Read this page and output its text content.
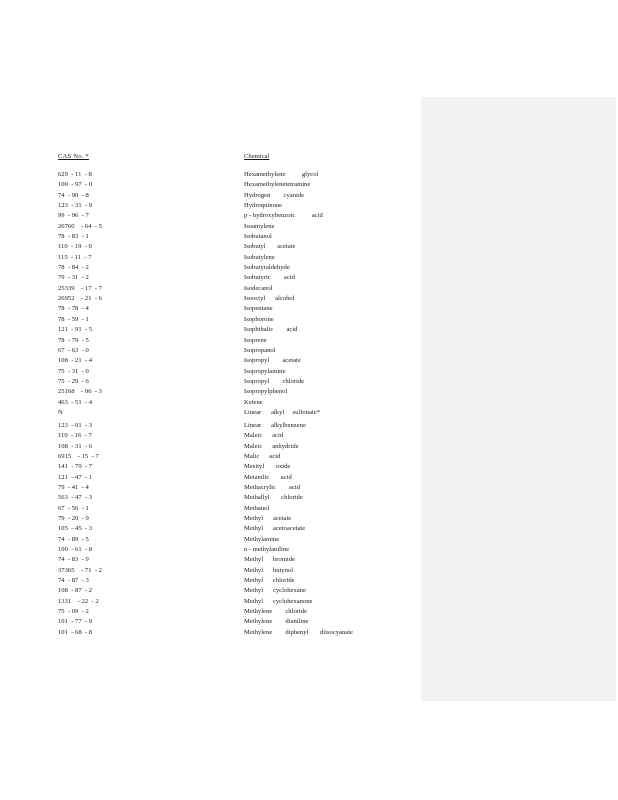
CAS No. *	Chemical
629  - 11  - 8	Hexamethylene          glycol
100  - 97  - 0	Hexamethylenetetramine
74  - 90  - 8	Hydrogen        cyanide
123  - 31  - 9	Hydroquinone
99  - 96  - 7	p - hydroxybenzoic          acid
26760    - 64  - 5	Isoamylene
78  - 83  - 1	Isobutanol
110  - 19  - 0	Isobutyl       acetate
115  - 11  - 7	Isobutylene
78  - 84  - 2	Isobutyraldehyde
79  - 31  - 2	Isobutyric        acid
25339    - 17  - 7	Isodecanol
26952    - 21  - 6	Isooctyl      alcohol
78  - 78  - 4	Isopentane
78  - 59  - 1	Isophorone
121  - 91  - 5	Isophthalic        acid
78  - 79  - 5	Isoprene
67  - 63  - 0	Isopropanol
108  - 21  - 4	Isopropyl        acetate
75  - 31  - 0	Isopropylamine
75  - 29  - 6	Isopropyl        chloride
25168    - 06  - 3	Isopropylphenol
463  - 51  - 4	Ketene
N	Linear      alkyl     sulfonate*
123  - 01  - 3	Linear      alkylbenzene
110  - 16  - 7	Maleic      acid
108  - 31  - 6	Maleic      anhydride
6915    - 15  - 7	Malic      acid
141  - 79  - 7	Mesityl       oxide
121  - 47  - 1	Metanilic       acid
79  - 41  - 4	Methacrylic        acid
563  - 47  - 3	Methallyl       chloride
67  - 56  - 1	Methanol
79  - 20  - 9	Methyl      acetate
105  - 45  - 3	Methyl      acetoacetate
74  - 89  - 5	Methylamine
100  - 61  - 8	n - methylaniline
74  - 83  - 9	Methyl      bromide
37365    - 71  - 2	Methyl      butynol
74  - 87  - 3	Methyl      chloride
108  - 87  - 2	Methyl      cyclohexane
1331    - 22  - 2	Methyl      cyclohexanone
75  - 09  - 2	Methylene        chloride
101  - 77  - 9	Methylene        dianiline
101  - 68  - 8	Methylene        diphenyl       diisocyanate
